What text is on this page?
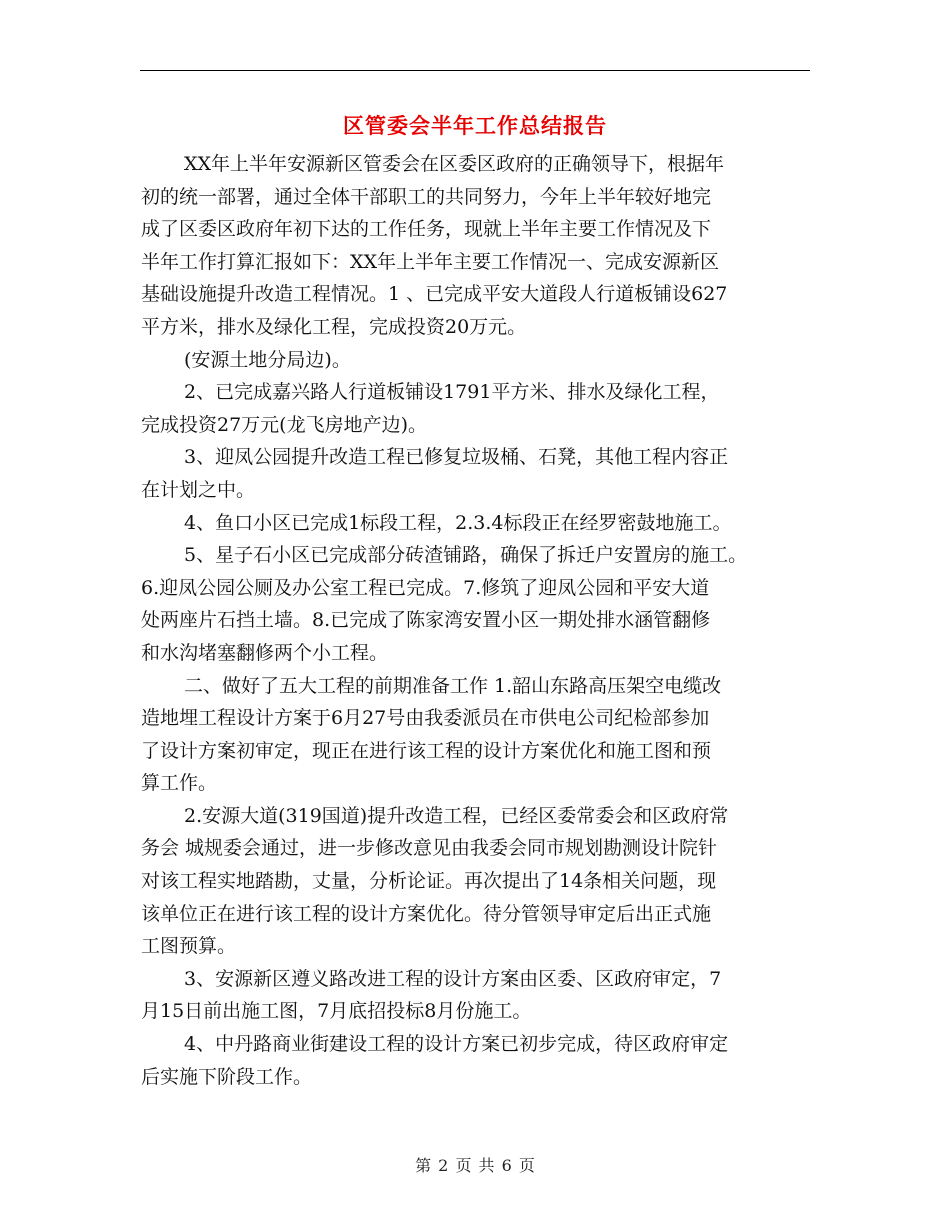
区管委会半年工作总结报告
XX年上半年安源新区管委会在区委区政府的正确领导下，根据年
初的统一部署，通过全体干部职工的共同努力，今年上半年较好地完
成了区委区政府年初下达的工作任务，现就上半年主要工作情况及下
半年工作打算汇报如下：XX年上半年主要工作情况一、完成安源新区
基础设施提升改造工程情况。1 、已完成平安大道段人行道板铺设627
平方米，排水及绿化工程，完成投资20万元。
(安源土地分局边)。
2、已完成嘉兴路人行道板铺设1791平方米、排水及绿化工程，
完成投资27万元(龙飞房地产边)。
3、迎凤公园提升改造工程已修复垃圾桶、石凳，其他工程内容正
在计划之中。
4、鱼口小区已完成1标段工程，2.3.4标段正在经罗密鼓地施工。
5、星子石小区已完成部分砖渣铺路，确保了拆迁户安置房的施工。
6.迎凤公园公厕及办公室工程已完成。7.修筑了迎凤公园和平安大道
处两座片石挡土墙。8.已完成了陈家湾安置小区一期处排水涵管翻修
和水沟堵塞翻修两个小工程。
二、做好了五大工程的前期准备工作 1.韶山东路高压架空电缆改
造地埋工程设计方案于6月27号由我委派员在市供电公司纪检部参加
了设计方案初审定，现正在进行该工程的设计方案优化和施工图和预
算工作。
2.安源大道(319国道)提升改造工程，已经区委常委会和区政府常
务会 城规委会通过，进一步修改意见由我委会同市规划勘测设计院针
对该工程实地踏勘，丈量，分析论证。再次提出了14条相关问题，现
该单位正在进行该工程的设计方案优化。待分管领导审定后出正式施
工图预算。
3、安源新区遵义路改进工程的设计方案由区委、区政府审定，7
月15日前出施工图，7月底招投标8月份施工。
4、中丹路商业街建设工程的设计方案已初步完成，待区政府审定
后实施下阶段工作。
第 2 页 共 6 页
